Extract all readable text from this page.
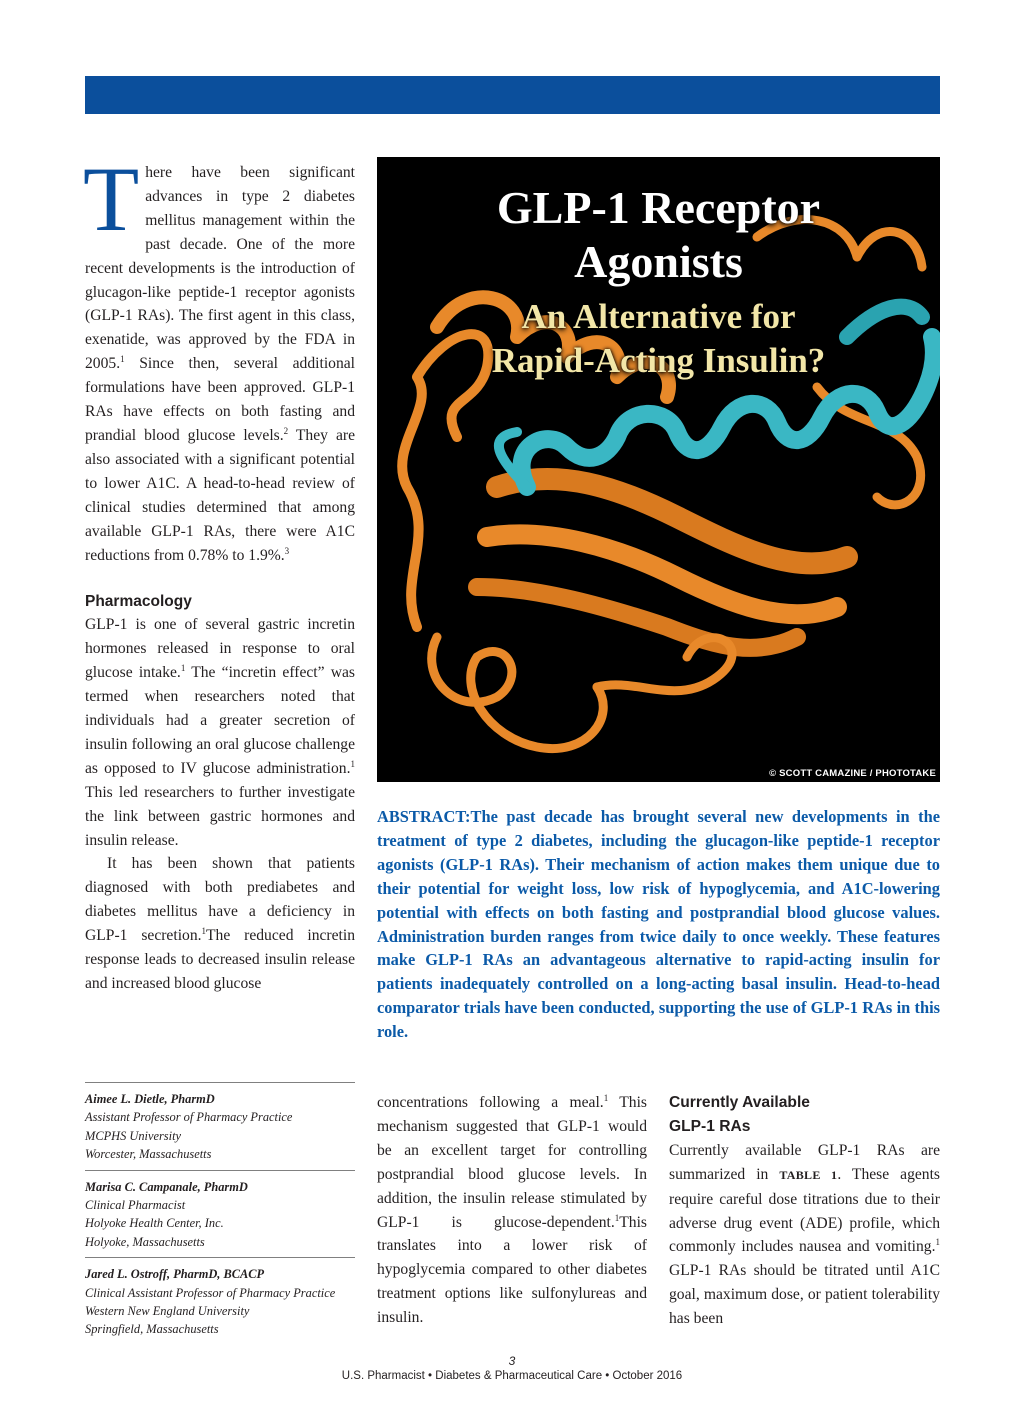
There have been significant advances in type 2 diabetes mellitus management within the past decade. One of the more recent developments is the introduction of glucagon-like peptide-1 receptor agonists (GLP-1 RAs). The first agent in this class, exenatide, was approved by the FDA in 2005.$^1$ Since then, several additional formulations have been approved. GLP-1 RAs have effects on both fasting and prandial blood glucose levels.$^2$ They are also associated with a significant potential to lower A1C. A head-to-head review of clinical studies determined that among available GLP-1 RAs, there were A1C reductions from 0.78% to 1.9%.$^3$

Pharmacology

GLP-1 is one of several gastric incretin hormones released in response to oral glucose intake.$^1$ The “incretin effect” was termed when researchers noted that individuals had a greater secretion of insulin following an oral glucose challenge as opposed to IV glucose administration.$^1$ This led researchers to further investigate the link between gastric hormones and insulin release.

It has been shown that patients diagnosed with both prediabetes and diabetes mellitus have a deficiency in GLP-1 secretion.$^1$The reduced incretin response leads to decreased insulin release and increased blood glucose

GLP-1 Receptor
Agonists
An Alternative for
Rapid-Acting Insulin?
© SCOTT CAMAZINE / PHOTOTAKE
ABSTRACT:The past decade has brought several new developments in the treatment of type 2 diabetes, including the glucagon-like peptide-1 receptor agonists (GLP-1 RAs). Their mechanism of action makes them unique due to their potential for weight loss, low risk of hypoglycemia, and A1C-lowering potential with effects on both fasting and postprandial blood glucose values. Administration burden ranges from twice daily to once weekly. These features make GLP-1 RAs an advantageous alternative to rapid-acting insulin for patients inadequately controlled on a long-acting basal insulin. Head-to-head comparator trials have been conducted, supporting the use of GLP-1 RAs in this role.
Aimee L. Dietle, PharmD
Assistant Professor of Pharmacy Practice
MCPHS University
Worcester, Massachusetts
Marisa C. Campanale, PharmD
Clinical Pharmacist
Holyoke Health Center, Inc.
Holyoke, Massachusetts
Jared L. Ostroff, PharmD, BCACP
Clinical Assistant Professor of Pharmacy Practice
Western New England University
Springfield, Massachusetts

concentrations following a meal.$^1$ This mechanism suggested that GLP-1 would be an excellent target for controlling postprandial blood glucose levels. In addition, the insulin release stimulated by GLP-1 is glucose-dependent.$^1$This translates into a lower risk of hypoglycemia compared to other diabetes treatment options like sulfonylureas and insulin.

Currently Available
GLP-1 RAs

Currently available GLP-1 RAs are summarized in TABLE 1. These agents require careful dose titrations due to their adverse drug event (ADE) profile, which commonly includes nausea and vomiting.$^1$ GLP-1 RAs should be titrated until A1C goal, maximum dose, or patient tolerability has been

3
U.S. Pharmacist • Diabetes & Pharmaceutical Care • October 2016
